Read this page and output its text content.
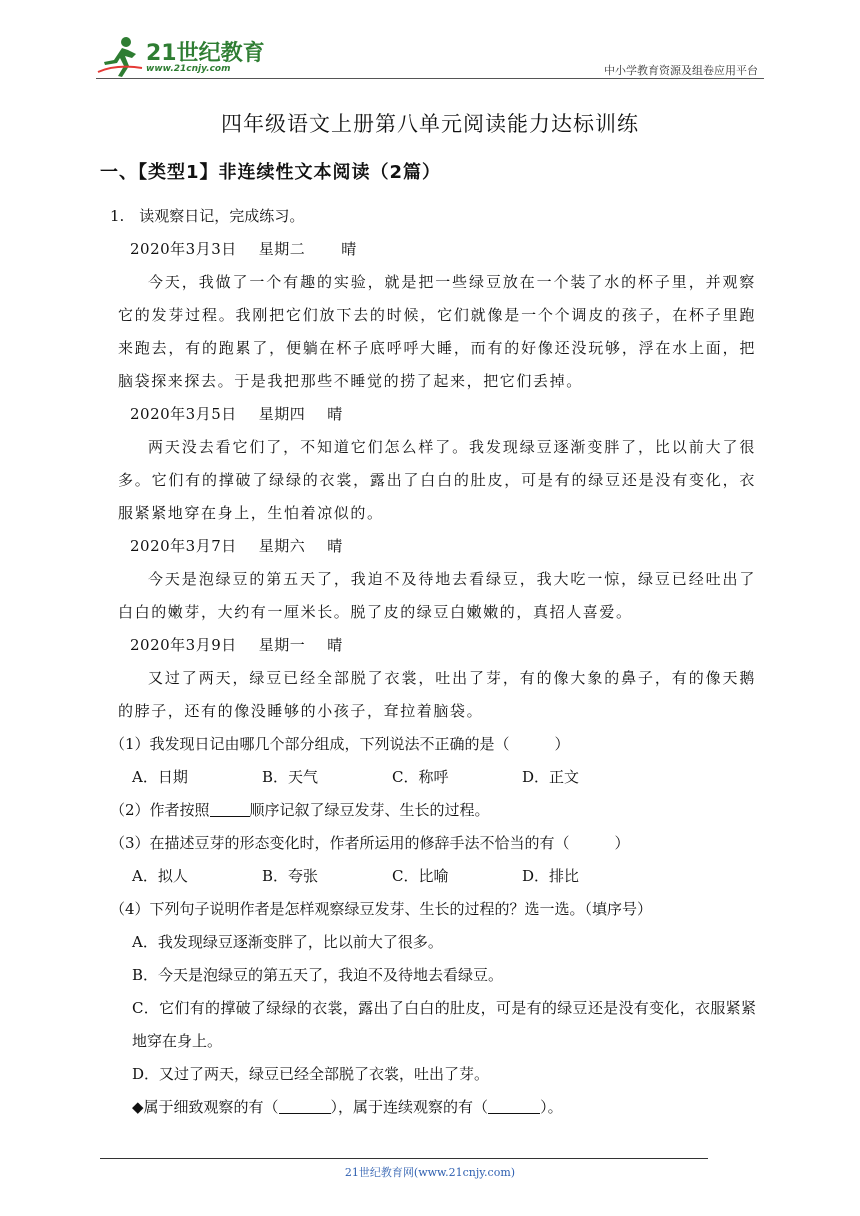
21世纪教育
www.21cnjy.com	中小学教育资源及组卷应用平台
四年级语文上册第八单元阅读能力达标训练
一、【类型1】非连续性文本阅读（2篇）
1.　读观察日记，完成练习。
2020年3月3日 星期二 晴
今天，我做了一个有趣的实验，就是把一些绿豆放在一个装了水的杯子里，并观察它的发芽过程。我刚把它们放下去的时候，它们就像是一个个调皮的孩子，在杯子里跑来跑去，有的跑累了，便躺在杯子底呼呼大睡，而有的好像还没玩够，浮在水上面，把脑袋探来探去。于是我把那些不睡觉的捞了起来，把它们丢掉。
2020年3月5日 星期四 晴
两天没去看它们了，不知道它们怎么样了。我发现绿豆逐渐变胖了，比以前大了很多。它们有的撑破了绿绿的衣裳，露出了白白的肚皮，可是有的绿豆还是没有变化，衣服紧紧地穿在身上，生怕着凉似的。
2020年3月7日 星期六 晴
今天是泡绿豆的第五天了，我迫不及待地去看绿豆，我大吃一惊，绿豆已经吐出了白白的嫩芽，大约有一厘米长。脱了皮的绿豆白嫩嫩的，真招人喜爱。
2020年3月9日 星期一 晴
又过了两天，绿豆已经全部脱了衣裳，吐出了芽，有的像大象的鼻子，有的像天鹅的脖子，还有的像没睡够的小孩子，耷拉着脑袋。
（1）我发现日记由哪几个部分组成，下列说法不正确的是（　　　）
A．日期	B．天气	C．称呼	D．正文
（2）作者按照	顺序记叙了绿豆发芽、生长的过程。
（3）在描述豆芽的形态变化时，作者所运用的修辞手法不恰当的有（　　　）
A．拟人	B．夸张	C．比喻	D．排比
（4）下列句子说明作者是怎样观察绿豆发芽、生长的过程的？选一选。（填序号）
A．我发现绿豆逐渐变胖了，比以前大了很多。
B．今天是泡绿豆的第五天了，我迫不及待地去看绿豆。
C．它们有的撑破了绿绿的衣裳，露出了白白的肚皮，可是有的绿豆还是没有变化，衣服紧紧地穿在身上。
D．又过了两天，绿豆已经全部脱了衣裳，吐出了芽。
◆属于细致观察的有（	），属于连续观察的有（	）。
21世纪教育网(www.21cnjy.com)
